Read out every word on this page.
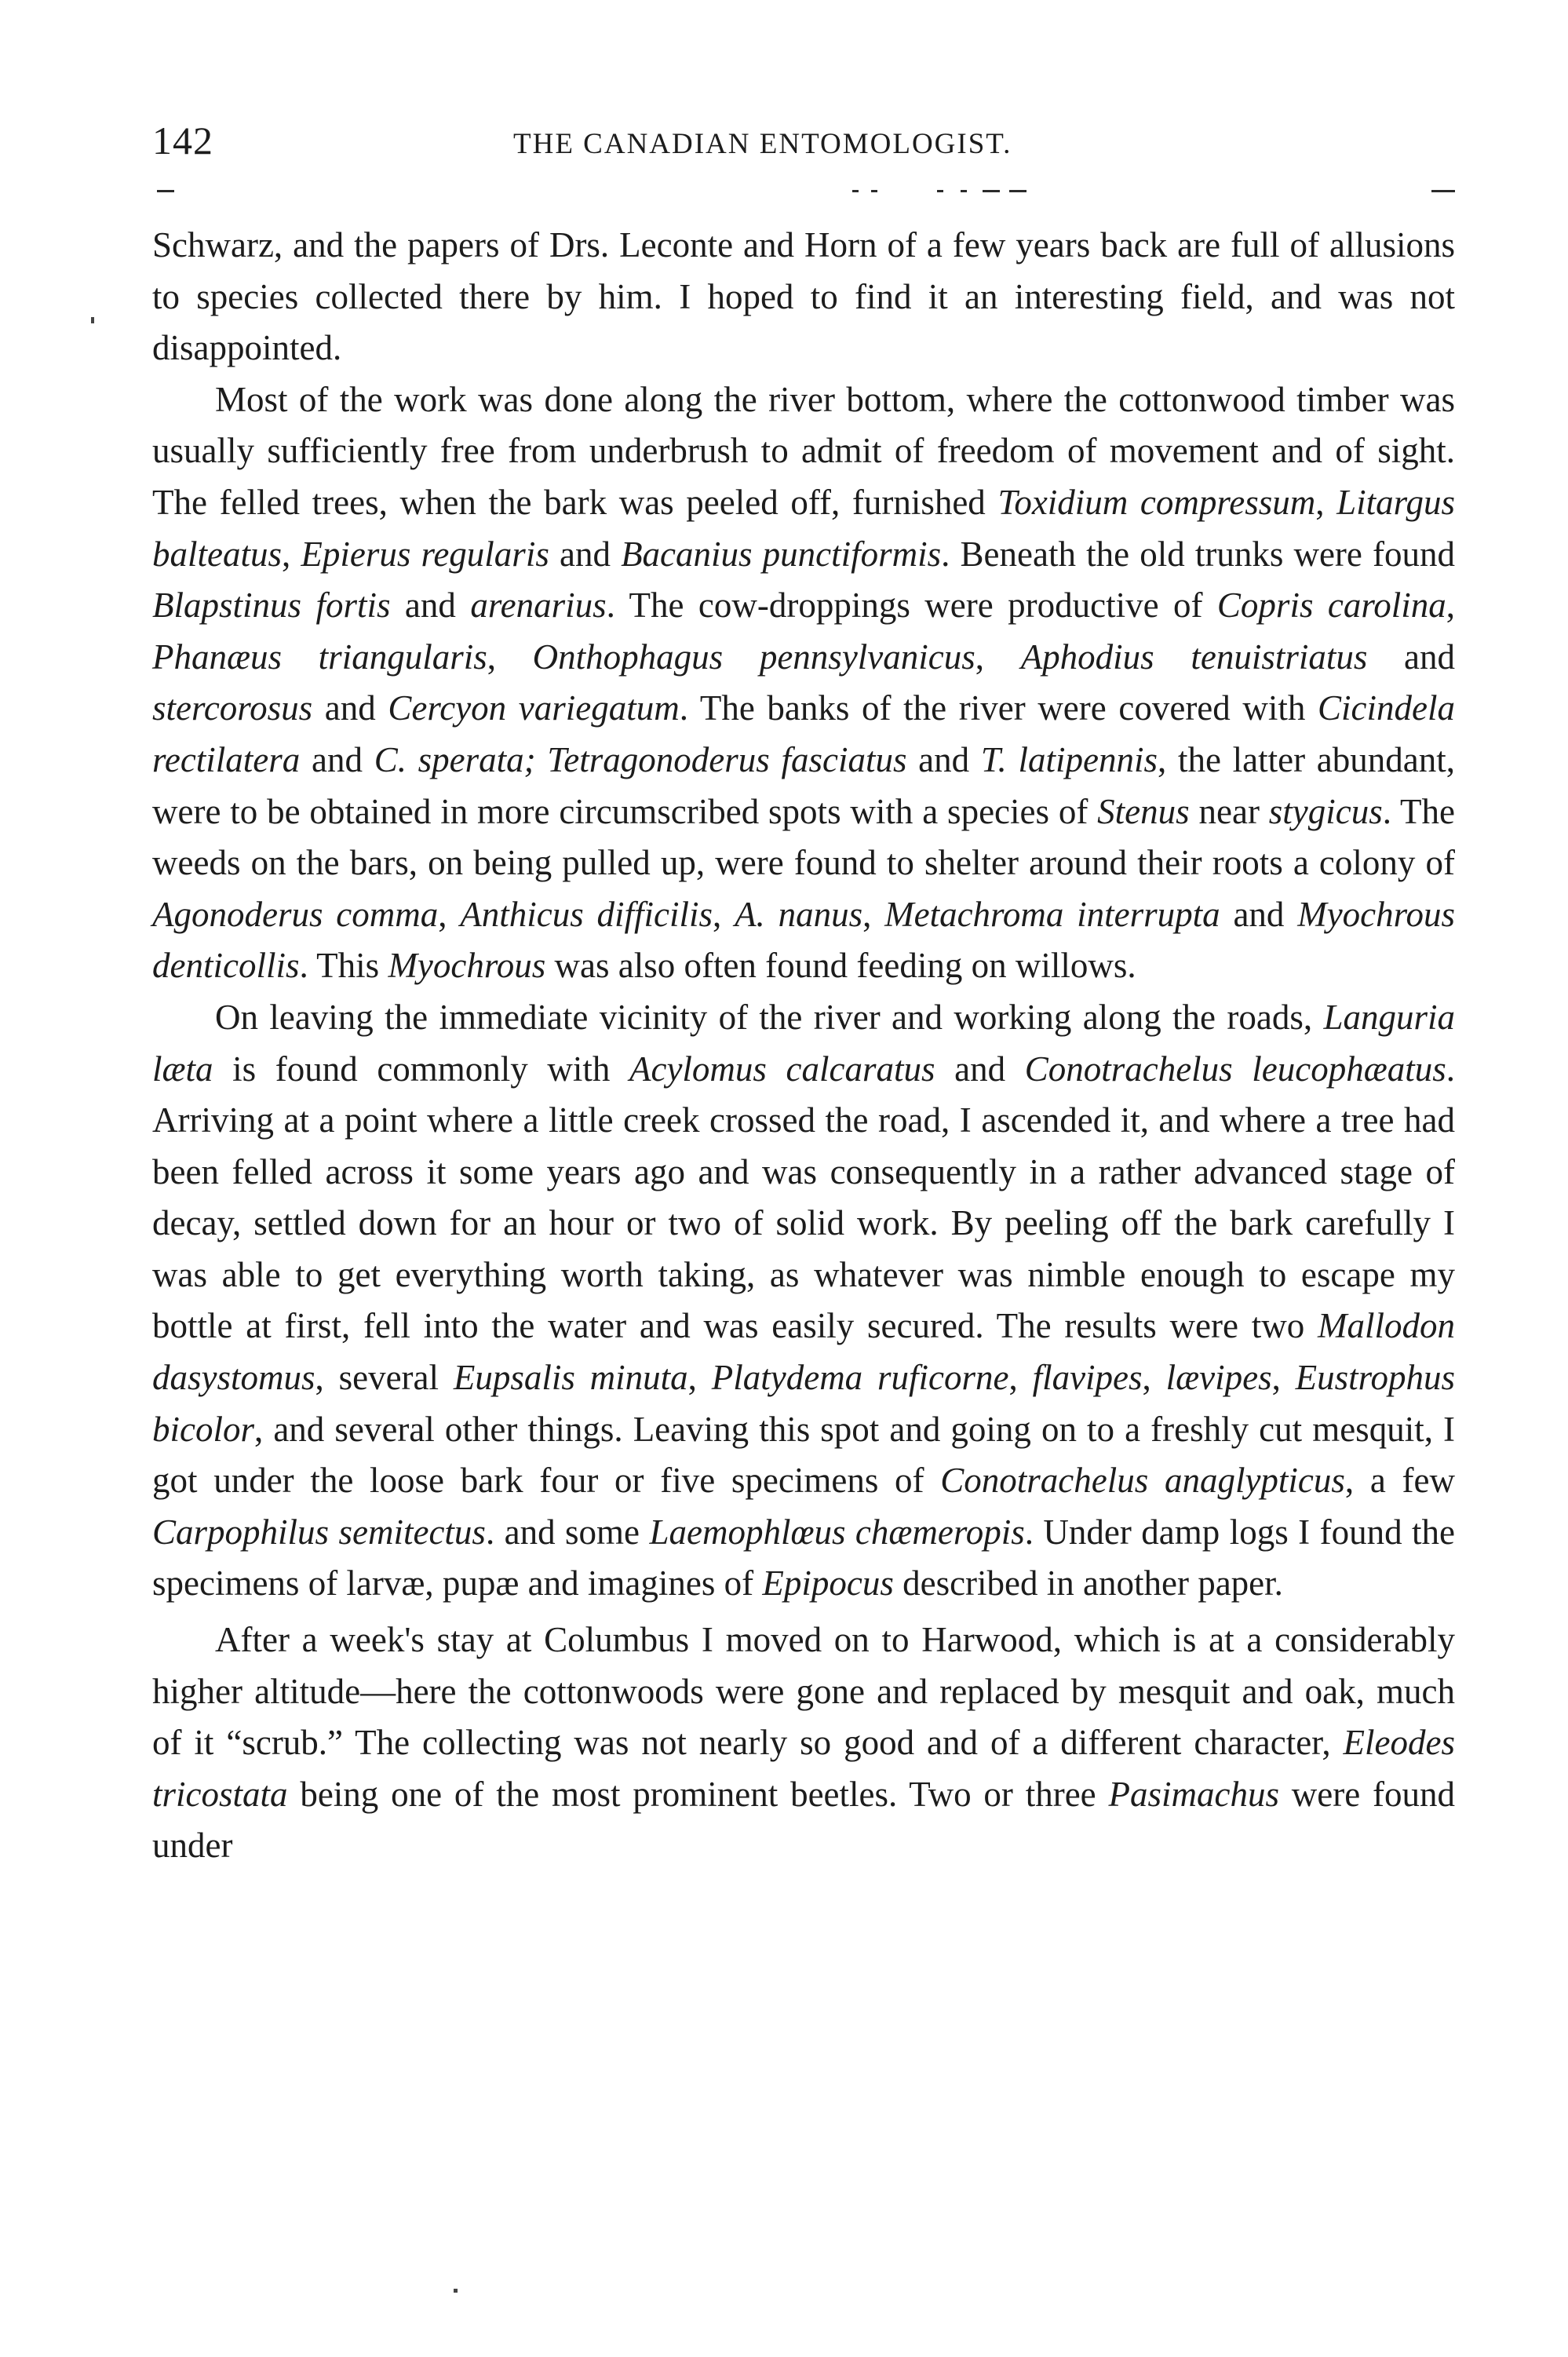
142	THE CANADIAN ENTOMOLOGIST.

Schwarz, and the papers of Drs. Leconte and Horn of a few years back are full of allusions to species collected there by him. I hoped to find it an interesting field, and was not disappointed.

Most of the work was done along the river bottom, where the cottonwood timber was usually sufficiently free from underbrush to admit of freedom of movement and of sight. The felled trees, when the bark was peeled off, furnished Toxidium compressum, Litargus balteatus, Epierus regularis and Bacanius punctiformis. Beneath the old trunks were found Blapstinus fortis and arenarius. The cow-droppings were productive of Copris carolina, Phanæus triangularis, Onthophagus pennsylvanicus, Aphodius tenuistriatus and stercorosus and Cercyon variegatum. The banks of the river were covered with Cicindela rectilatera and C. sperata; Tetragonoderus fasciatus and T. latipennis, the latter abundant, were to be obtained in more circumscribed spots with a species of Stenus near stygicus. The weeds on the bars, on being pulled up, were found to shelter around their roots a colony of Agonoderus comma, Anthicus difficilis, A. nanus, Metachroma interrupta and Myochrous denticollis. This Myochrous was also often found feeding on willows.

On leaving the immediate vicinity of the river and working along the roads, Languria læta is found commonly with Acylomus calcaratus and Conotrachelus leucophæatus. Arriving at a point where a little creek crossed the road, I ascended it, and where a tree had been felled across it some years ago and was consequently in a rather advanced stage of decay, settled down for an hour or two of solid work. By peeling off the bark carefully I was able to get everything worth taking, as whatever was nimble enough to escape my bottle at first, fell into the water and was easily secured. The results were two Mallodon dasystomus, several Eupsalis minuta, Platydema ruficorne, flavipes, lævipes, Eustrophus bicolor, and several other things. Leaving this spot and going on to a freshly cut mesquit, I got under the loose bark four or five specimens of Conotrachelus anaglypticus, a few Carpophilus semitectus. and some Laemophlœus chæmeropis. Under damp logs I found the specimens of larvæ, pupæ and imagines of Epipocus described in another paper.

After a week's stay at Columbus I moved on to Harwood, which is at a considerably higher altitude—here the cottonwoods were gone and replaced by mesquit and oak, much of it “scrub.” The collecting was not nearly so good and of a different character, Eleodes tricostata being one of the most prominent beetles. Two or three Pasimachus were found under
